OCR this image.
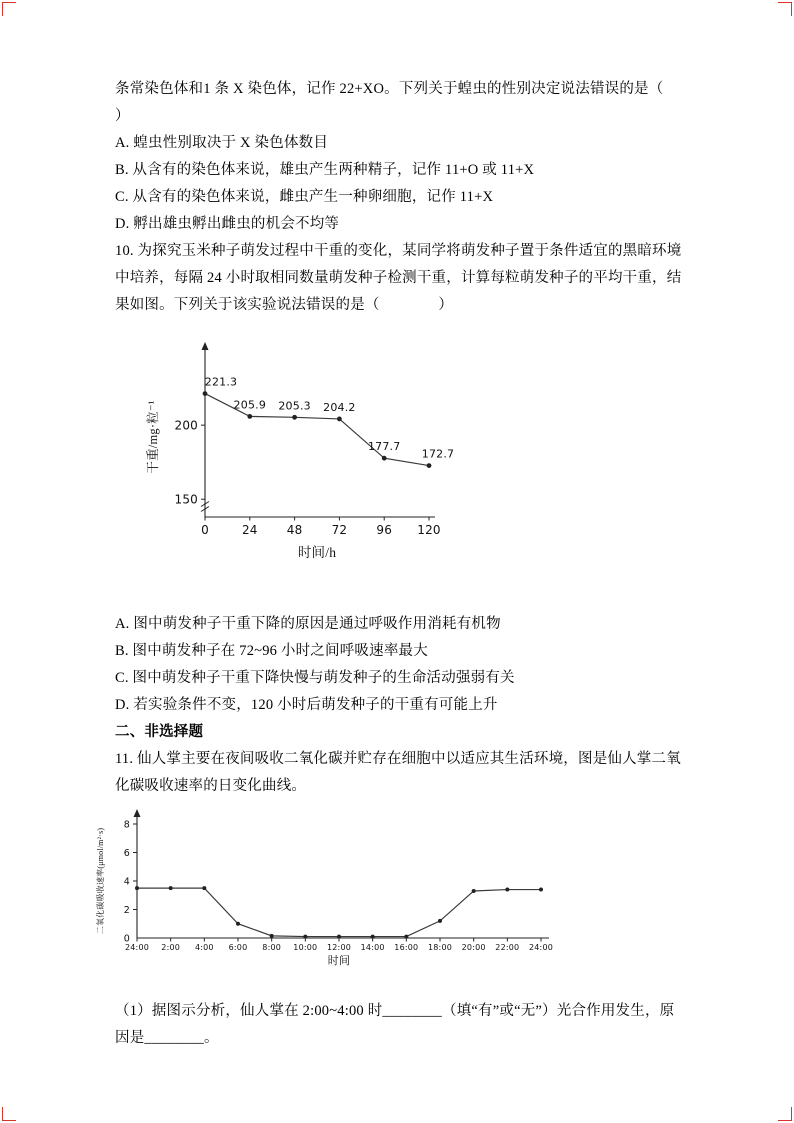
条常染色体和1 条 X 染色体，记作 22+XO。下列关于蝗虫的性别决定说法错误的是（

）

A. 蝗虫性别取决于 X 染色体数目

B. 从含有的染色体来说，雄虫产生两种精子，记作 11+O 或 11+X

C. 从含有的染色体来说，雌虫产生一种卵细胞，记作 11+X

D. 孵出雄虫孵出雌虫的机会不均等

10. 为探究玉米种子萌发过程中干重的变化，某同学将萌发种子置于条件适宜的黑暗环境中培养，每隔 24 小时取相同数量萌发种子检测干重，计算每粒萌发种子的平均干重，结果如图。下列关于该实验说法错误的是（　　　　）

150
200
0	24 48 72 96 120
221.3
205.9 205.3 204.2
177.7
172.7
时间/h
干重/mg·粒⁻¹

A. 图中萌发种子干重下降的原因是通过呼吸作用消耗有机物

B. 图中萌发种子在 72~96 小时之间呼吸速率最大

C. 图中萌发种子干重下降快慢与萌发种子的生命活动强弱有关

D. 若实验条件不变，120 小时后萌发种子的干重有可能上升

二、非选择题

11. 仙人掌主要在夜间吸收二氧化碳并贮存在细胞中以适应其生活环境，图是仙人掌二氧化碳吸收速率的日变化曲线。

0
2
4
6
8
24:00 2:00 4:00 6:00 8:00 10:00 12:00 14:00 16:00 18:00 20:00 22:00 24:00
时间
二氧化碳吸收速率(μmol/m²·s)

（1）据图示分析，仙人掌在 2:00~4:00 时________（填“有”或“无”）光合作用发生，原因是________。
